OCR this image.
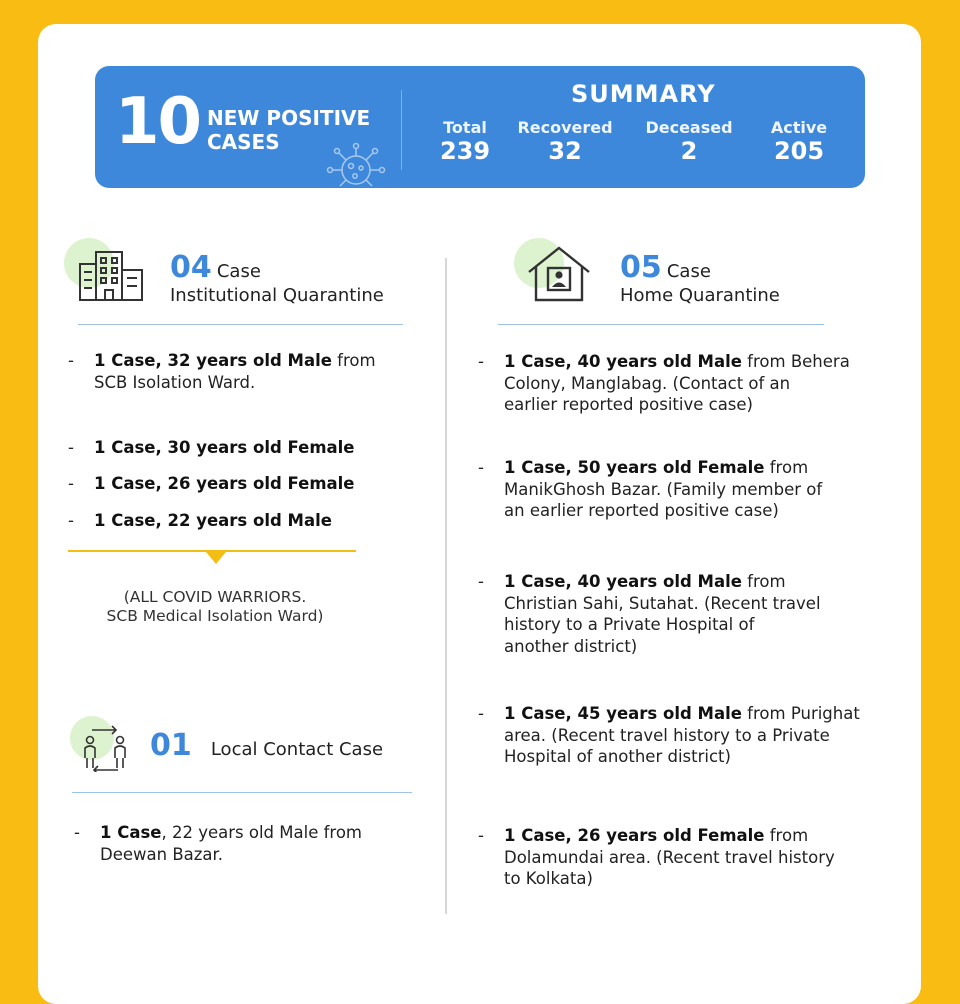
10 NEW POSITIVE
CASES
SUMMARY
Total
239
Recovered
32
Deceased
2
Active
205
04 Case
Institutional Quarantine
- 1 Case, 32 years old Male from
SCB Isolation Ward.
- 1 Case, 30 years old Female
- 1 Case, 26 years old Female
- 1 Case, 22 years old Male
(ALL COVID WARRIORS.
SCB Medical Isolation Ward)
01 Local Contact Case
- 1 Case, 22 years old Male from
Deewan Bazar.
05 Case
Home Quarantine
- 1 Case, 40 years old Male from Behera
Colony, Manglabag. (Contact of an
earlier reported positive case)
- 1 Case, 50 years old Female from
ManikGhosh Bazar. (Family member of
an earlier reported positive case)
- 1 Case, 40 years old Male from
Christian Sahi, Sutahat. (Recent travel
history to a Private Hospital of
another district)
- 1 Case, 45 years old Male from Purighat
area. (Recent travel history to a Private
Hospital of another district)
- 1 Case, 26 years old Female from
Dolamundai area. (Recent travel history
to Kolkata)
